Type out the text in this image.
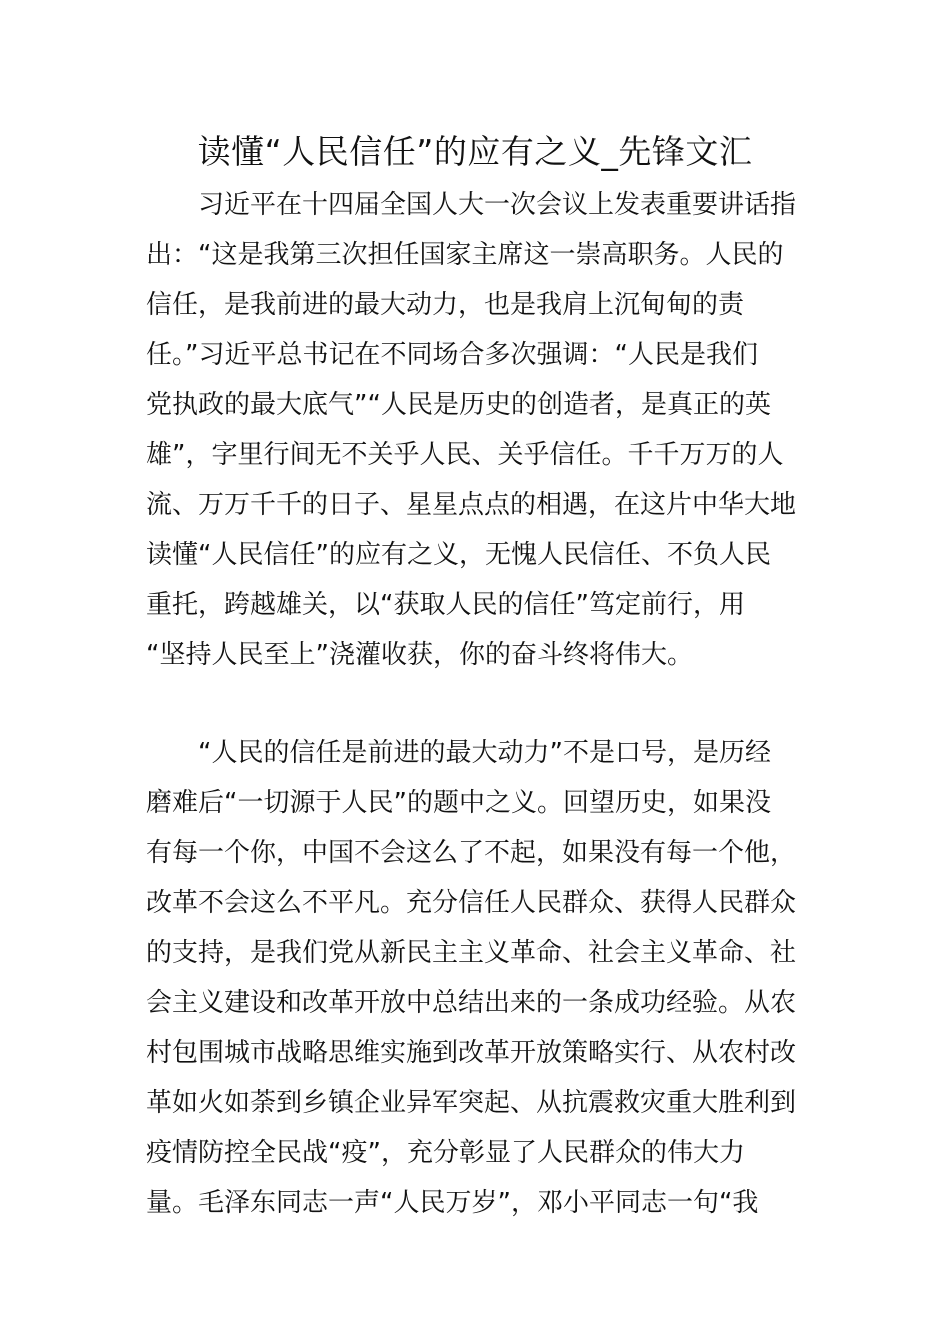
读懂“人民信任”的应有之义_先锋文汇
　　习近平在十四届全国人大一次会议上发表重要讲话指
出：“这是我第三次担任国家主席这一崇高职务。人民的
信任，是我前进的最大动力，也是我肩上沉甸甸的责
任。”习近平总书记在不同场合多次强调：“人民是我们
党执政的最大底气”“人民是历史的创造者，是真正的英
雄”，字里行间无不关乎人民、关乎信任。千千万万的人
流、万万千千的日子、星星点点的相遇，在这片中华大地
读懂“人民信任”的应有之义，无愧人民信任、不负人民
重托，跨越雄关，以“获取人民的信任”笃定前行，用
“坚持人民至上”浇灌收获，你的奋斗终将伟大。
　　“人民的信任是前进的最大动力”不是口号，是历经
磨难后“一切源于人民”的题中之义。回望历史，如果没
有每一个你，中国不会这么了不起，如果没有每一个他，
改革不会这么不平凡。充分信任人民群众、获得人民群众
的支持，是我们党从新民主主义革命、社会主义革命、社
会主义建设和改革开放中总结出来的一条成功经验。从农
村包围城市战略思维实施到改革开放策略实行、从农村改
革如火如荼到乡镇企业异军突起、从抗震救灾重大胜利到
疫情防控全民战“疫”，充分彰显了人民群众的伟大力
量。毛泽东同志一声“人民万岁”，邓小平同志一句“我
